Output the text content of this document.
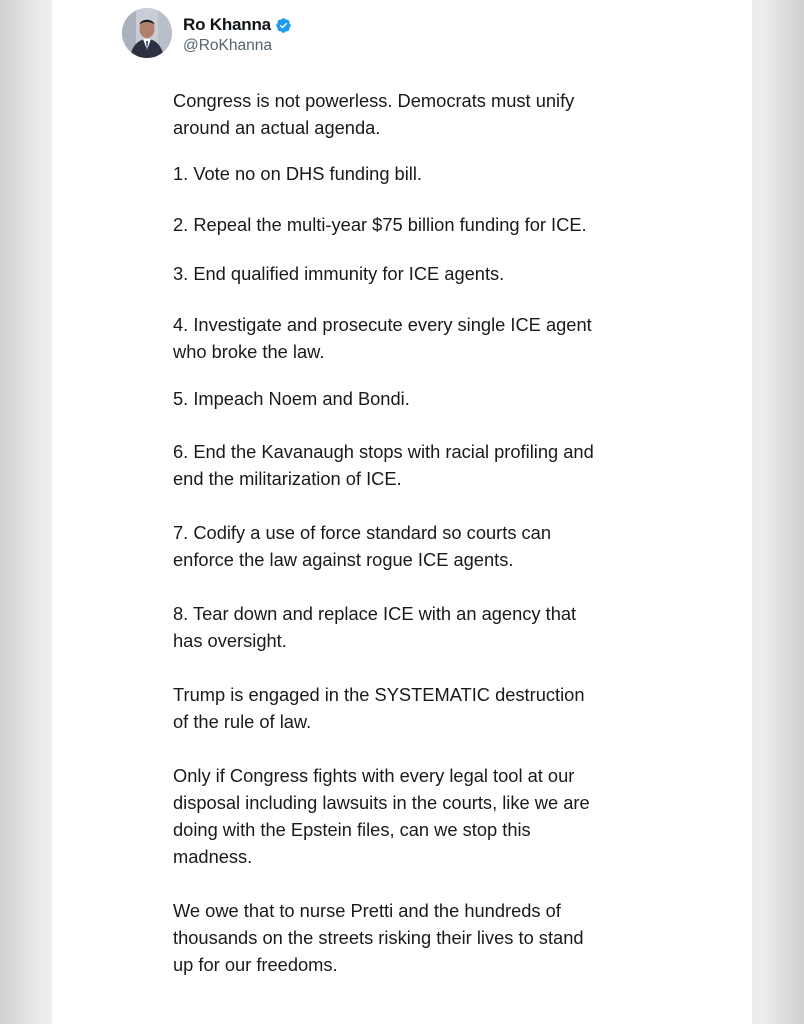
Ro Khanna
@RoKhanna

Congress is not powerless. Democrats must unify
around an actual agenda.

1. Vote no on DHS funding bill.

2. Repeal the multi-year $75 billion funding for ICE.

3. End qualified immunity for ICE agents.

4. Investigate and prosecute every single ICE agent
who broke the law.

5. Impeach Noem and Bondi.

6. End the Kavanaugh stops with racial profiling and
end the militarization of ICE.

7. Codify a use of force standard so courts can
enforce the law against rogue ICE agents.

8. Tear down and replace ICE with an agency that
has oversight.

Trump is engaged in the SYSTEMATIC destruction
of the rule of law.

Only if Congress fights with every legal tool at our
disposal including lawsuits in the courts, like we are
doing with the Epstein files, can we stop this
madness.

We owe that to nurse Pretti and the hundreds of
thousands on the streets risking their lives to stand
up for our freedoms.
